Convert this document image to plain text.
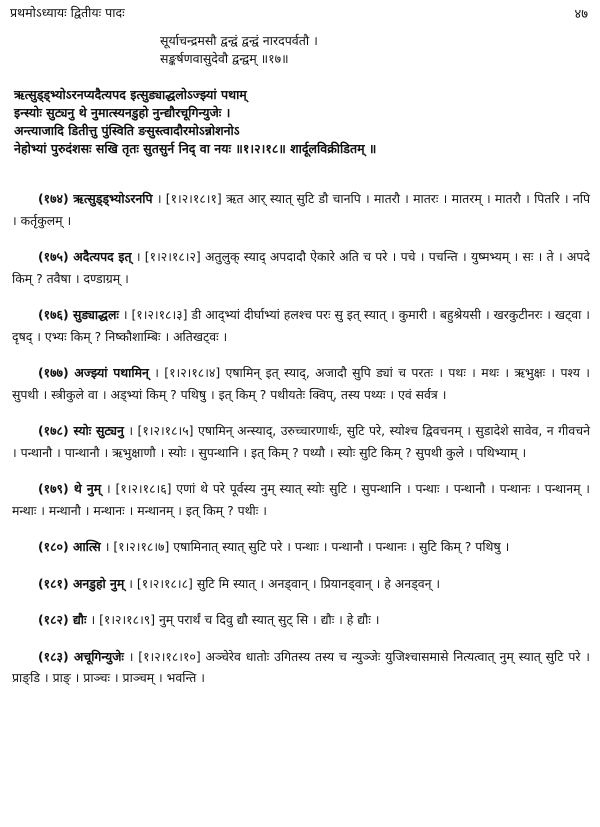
प्रथमोऽध्यायः द्वितीयः पादः	४७
सूर्याचन्द्रमसौ द्वन्द्वं द्वन्द्वं नारदपर्वतौ ।
सङ्कर्षणवासुदेवौ द्वन्द्वम् ॥१७॥
ऋत्सुड्ड्भ्योऽरनप्यदैत्यपद इत्सुड्याद्धलोऽज्झ्यां पथाम्
इन्स्योः सुट्यनु थे नुमात्स्यनडुहो नुन्द्यौरचूगिन्युजेः ।
अन्त्याजादि डितीत्तु पुंस्विति ङसुस्त्वादौरमोऽन्नोशनोऽ
नेहोभ्यां पुरुदंशसः सखि तृतः सुतसुर्न निद् वा नयः ॥१।२।१८॥ शार्दूलविक्रीडितम् ॥

(१७४) ऋत्सुड्ड्भ्योऽरनपि । [१।२।१८।१] ऋत आर् स्यात् सुटि डौ चानपि । मातरौ । मातरः । मातरम् । मातरौ । पितरि । नपि । कर्तृकुलम् ।

(१७५) अदैत्यपद इत् । [१।२।१८।२] अतुलुक् स्याद् अपदादौ ऐकारे अति च परे । पचे । पचन्ति । युष्मभ्यम् । सः । ते । अपदे किम् ? तवैषा । दण्डाग्रम् ।

(१७६) सुड्याद्धलः । [१।२।१८।३] डी आद्भ्यां दीर्घाभ्यां हलश्च परः सु इत् स्यात् । कुमारी । बहुश्रेयसी । खरकुटीनरः । खट्वा । दृषद् । एभ्यः किम् ? निष्कौशाम्बिः । अतिखट्वः ।

(१७७) अज्झ्यां पथामिन् । [१।२।१८।४] एषामिन् इत् स्याद्, अजादौ सुपि ड्यां च परतः । पथः । मथः । ऋभुक्षः । पश्य । सुपथी । स्त्रीकुले वा । अड्भ्यां किम् ? पथिषु । इत् किम् ? पथीयतेः क्विप्, तस्य पथ्यः । एवं सर्वत्र ।

(१७८) स्योः सुट्यनु । [१।२।१८।५] एषामिन् अन्स्याद्, उरुच्चारणार्थः, सुटि परे, स्योश्च द्विवचनम् । सुडादेशे सावेव, न गीवचने । पन्थानौ । पान्थानौ । ऋभुक्षाणौ । स्योः । सुपन्थानि । इत् किम् ? पथ्यौ । स्योः सुटि किम् ? सुपथी कुले । पथिभ्याम् ।

(१७९) थे नुम् । [१।२।१८।६] एणां थे परे पूर्वस्य नुम् स्यात् स्योः सुटि । सुपन्थानि । पन्थाः । पन्थानौ । पन्थानः । पन्थानम् । मन्थाः । मन्थानौ । मन्थानः । मन्थानम् । इत् किम् ? पथीः ।

(१८०) आत्सि । [१।२।१८।७] एषामिनात् स्यात् सुटि परे । पन्थाः । पन्थानौ । पन्थानः । सुटि किम् ? पथिषु ।

(१८१) अनडुहो नुम् । [१।२।१८।८] सुटि मि स्यात् । अनड्वान् । प्रियानड्वान् । हे अनड्वन् ।

(१८२) द्यौः । [१।२।१८।९] नुम् परार्थं च दिवु द्यौ स्यात् सुट् सि । द्यौः । हे द्यौः ।

(१८३) अचूगिन्युजेः । [१।२।१८।१०] अञ्चेरेव धातोः उगितस्य तस्य च न्युञ्जेः युजिश्चासमासे नित्यत्वात् नुम् स्यात् सुटि परे । प्राङ्डि । प्राङ् । प्राञ्चः । प्राञ्चम् । भवन्ति ।
